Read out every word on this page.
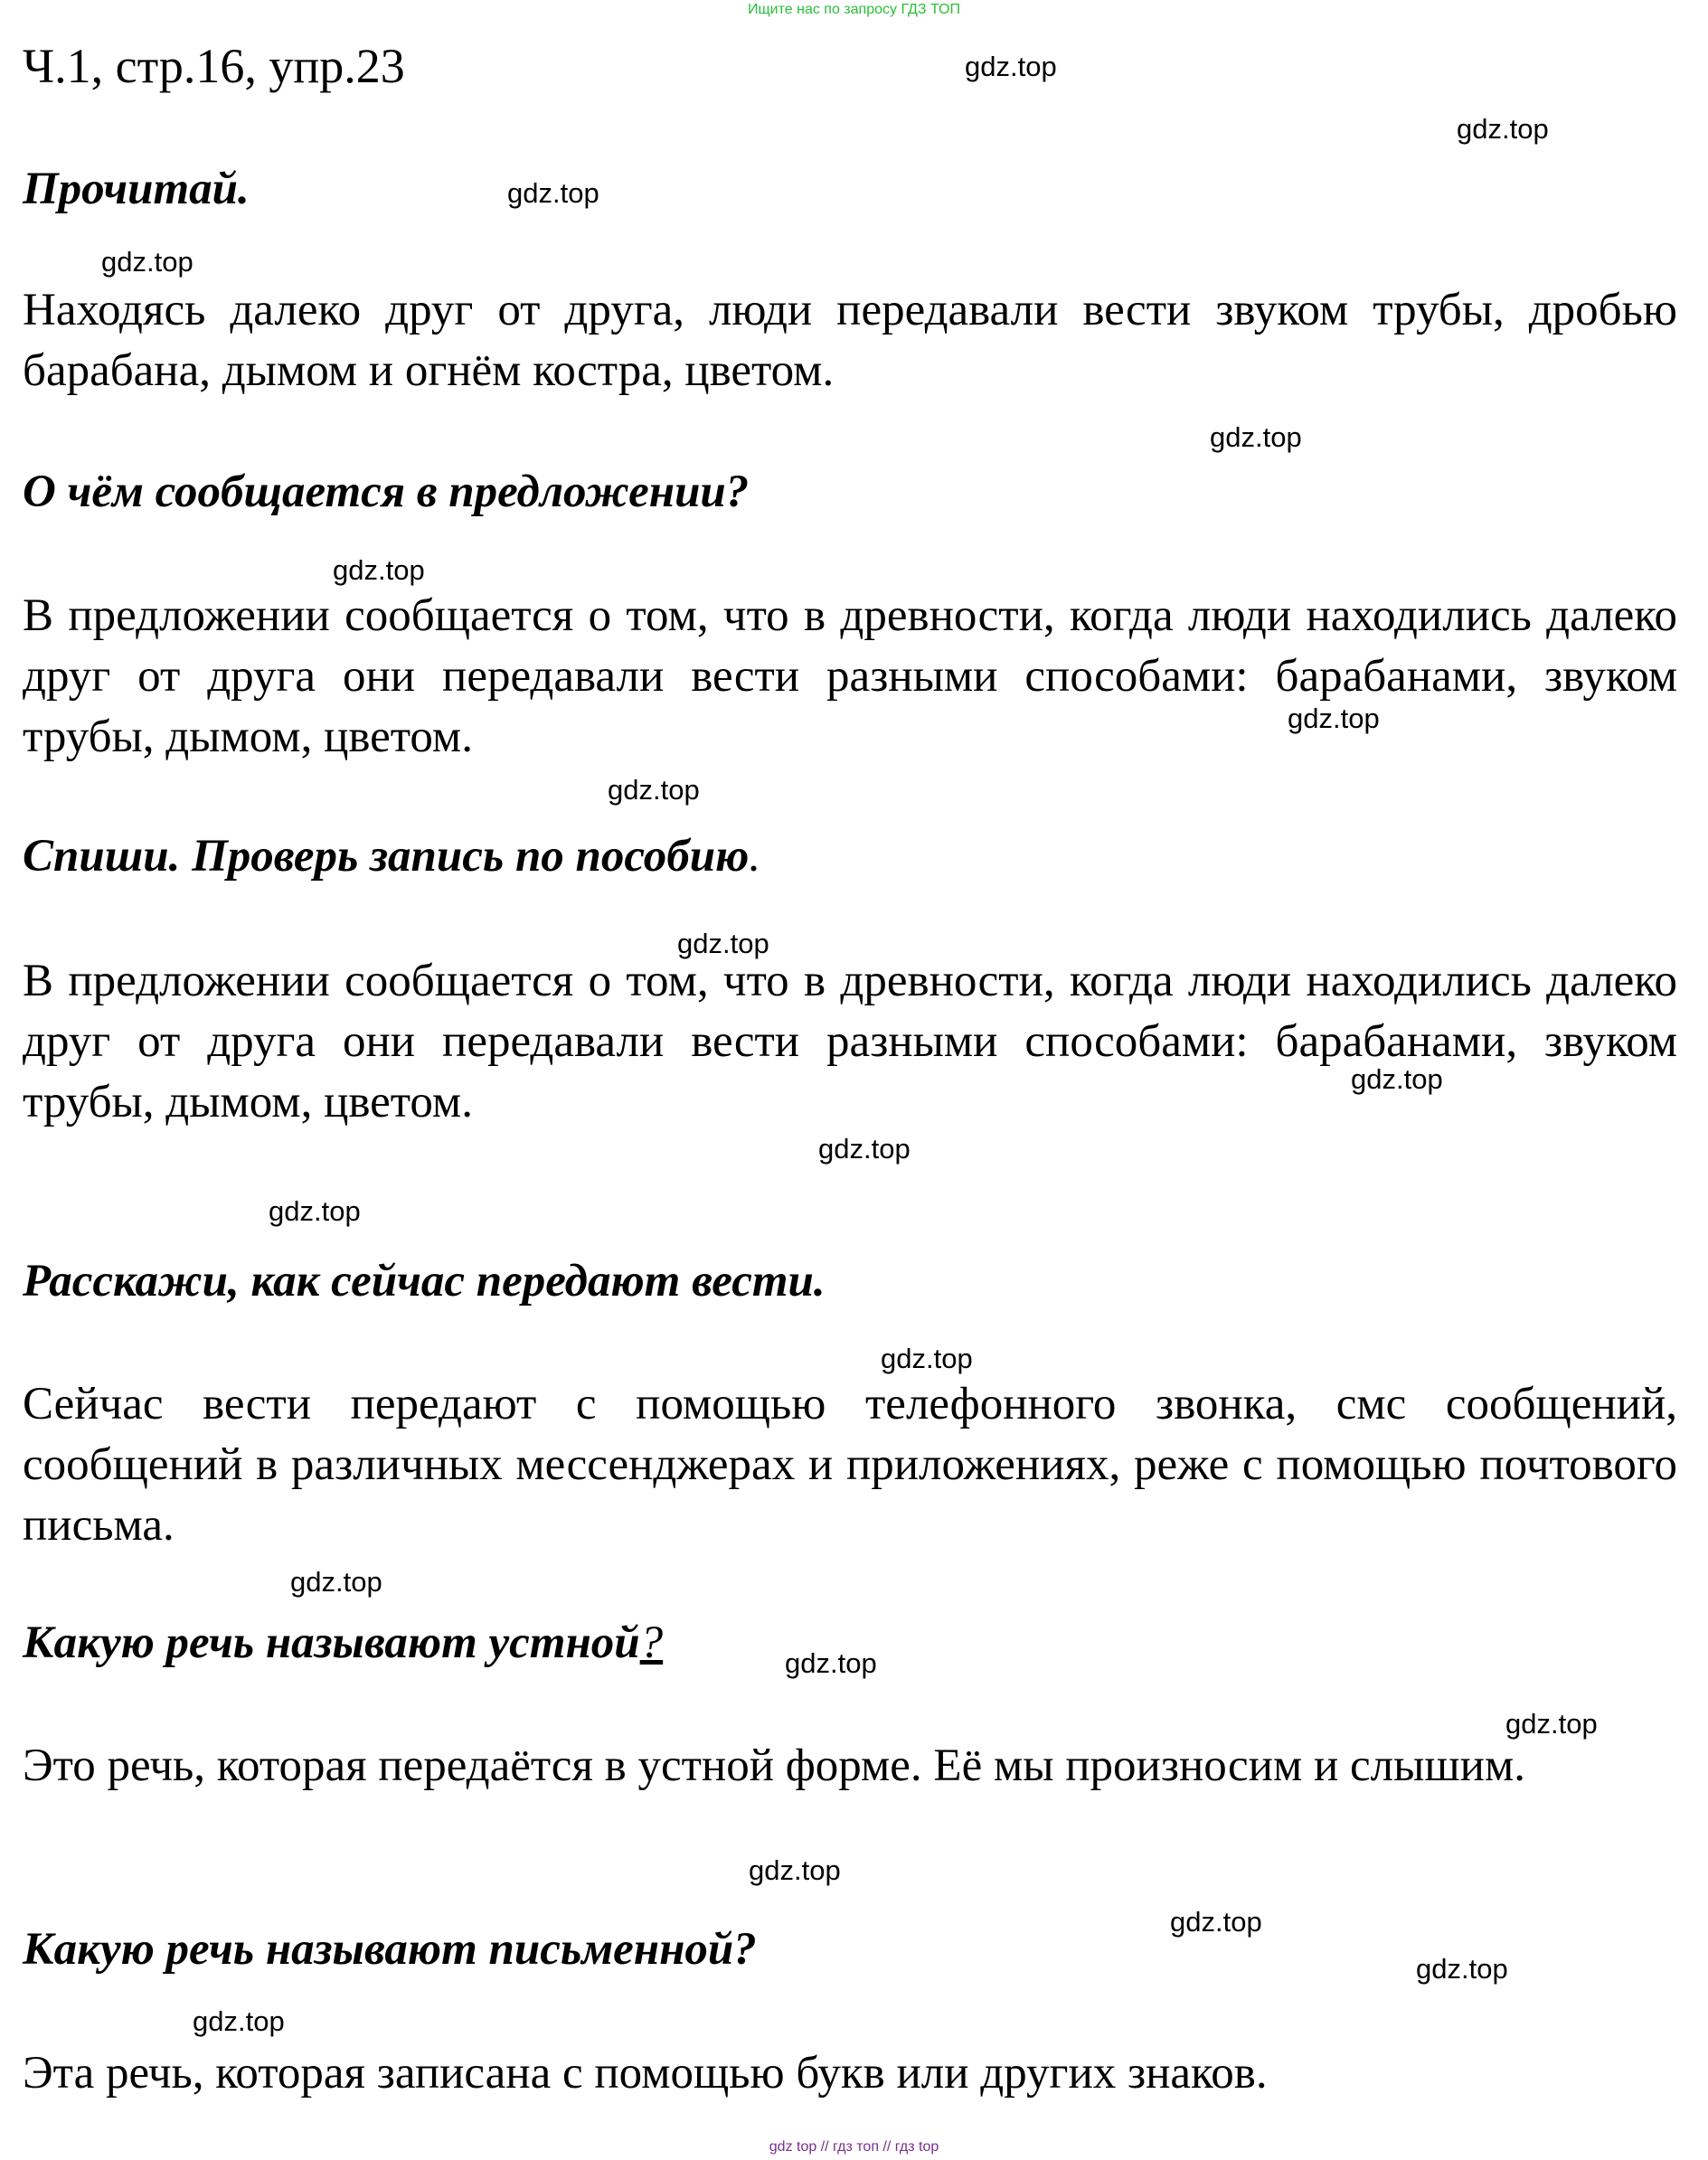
Ищите нас по запросу ГДЗ ТОП
Ч.1, стр.16, упр.23
Прочитай.
Находясь далеко друг от друга, люди передавали вести звуком трубы, дробью барабана, дымом и огнём костра, цветом.
О чём сообщается в предложении?
В предложении сообщается о том, что в древности, когда люди находились далеко друг от друга они передавали вести разными способами: барабанами, звуком трубы, дымом, цветом.
Спиши. Проверь запись по пособию.
В предложении сообщается о том, что в древности, когда люди находились далеко друг от друга они передавали вести разными способами: барабанами, звуком трубы, дымом, цветом.
Расскажи, как сейчас передают вести.
Сейчас вести передают с помощью телефонного звонка, смс сообщений, сообщений в различных мессенджерах и приложениях, реже с помощью почтового письма.
Какую речь называют устной?
Это речь, которая передаётся в устной форме. Её мы произносим и слышим.
Какую речь называют письменной?
Эта речь, которая записана с помощью букв или других знаков.
gdz.top
gdz.top
gdz.top
gdz.top
gdz.top
gdz.top
gdz.top
gdz.top
gdz.top
gdz.top
gdz.top
gdz.top
gdz.top
gdz.top
gdz.top
gdz.top
gdz.top
gdz.top
gdz.top
gdz.top
gdz top // гдз топ // гдз top
